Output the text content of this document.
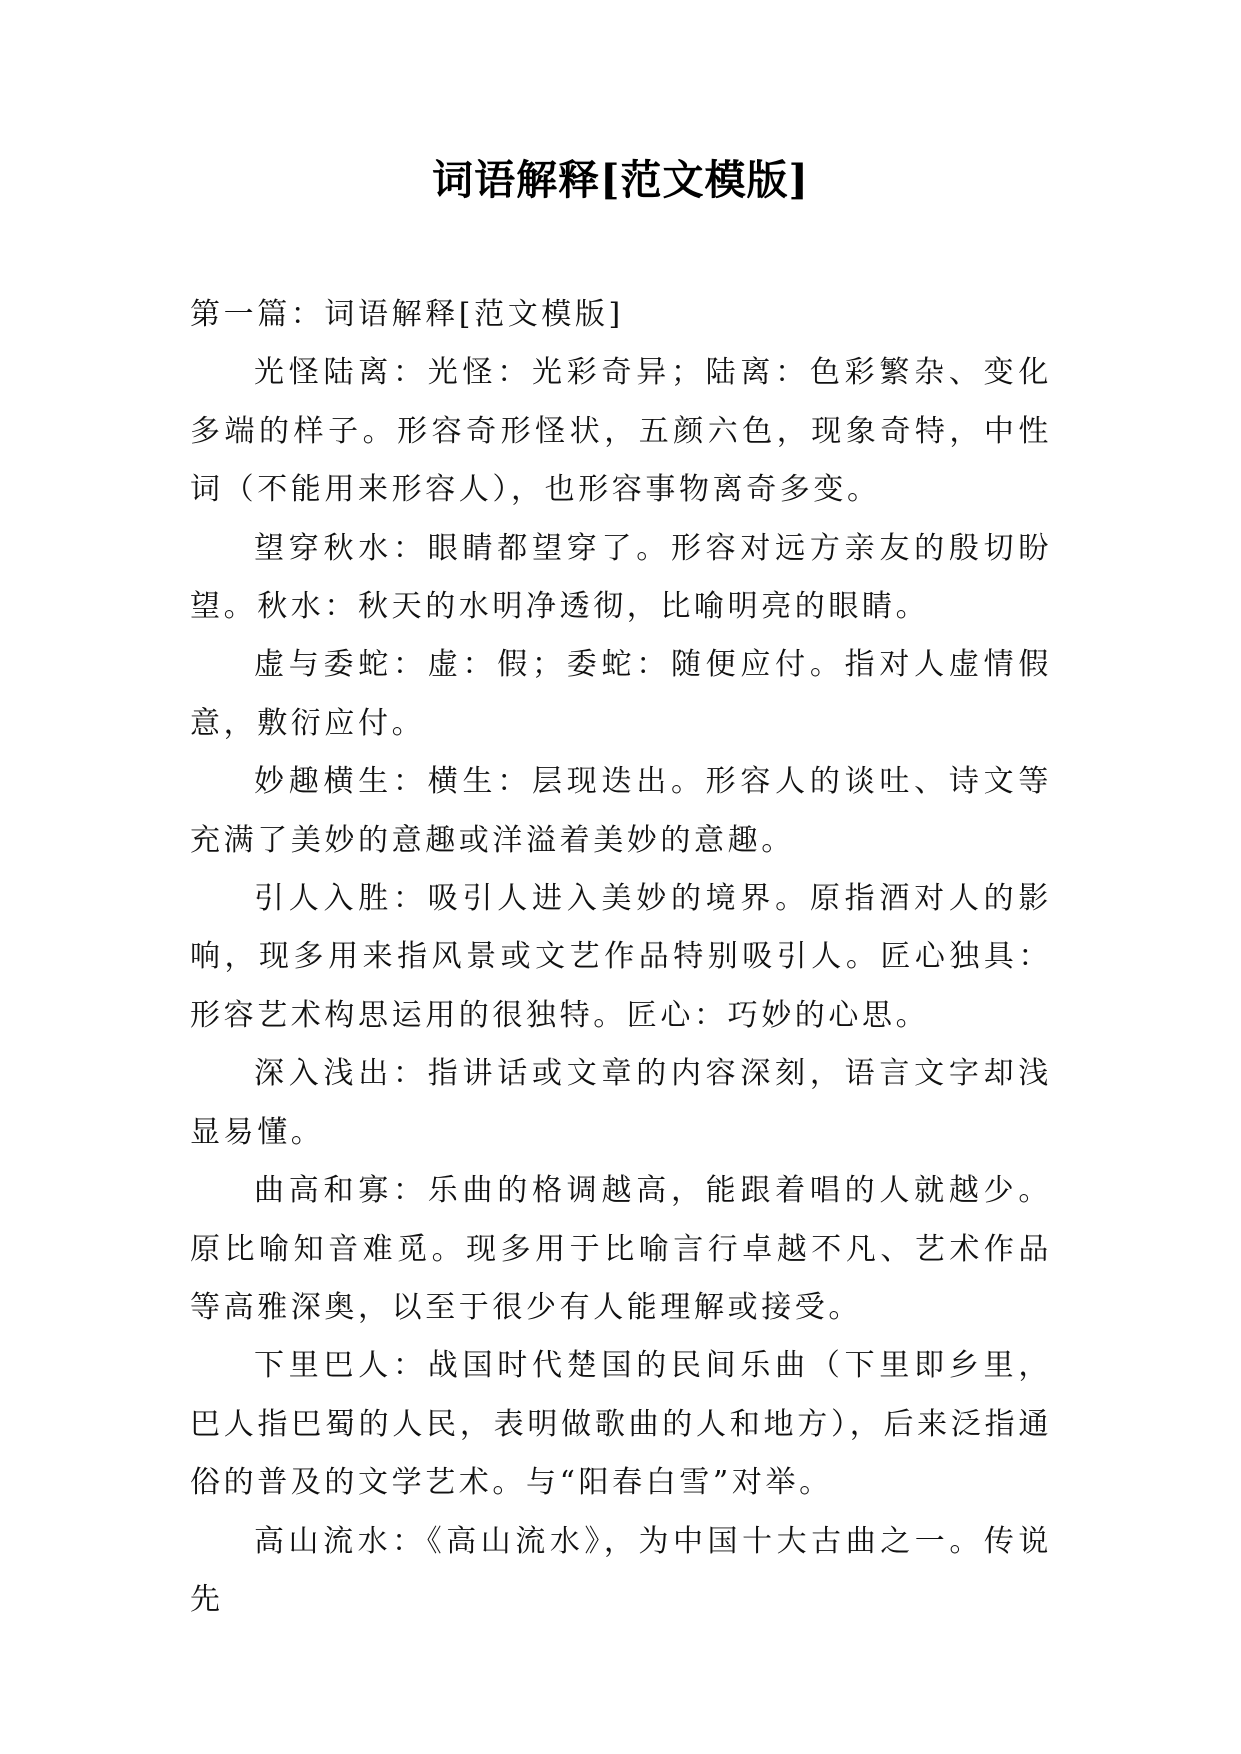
词语解释[范文模版]

第一篇：词语解释[范文模版]

光怪陆离：光怪：光彩奇异；陆离：色彩繁杂、变化多端的样子。形容奇形怪状，五颜六色，现象奇特，中性词（不能用来形容人），也形容事物离奇多变。

望穿秋水：眼睛都望穿了。形容对远方亲友的殷切盼望。秋水：秋天的水明净透彻，比喻明亮的眼睛。

虚与委蛇：虚：假；委蛇：随便应付。指对人虚情假意，敷衍应付。

妙趣横生：横生：层现迭出。形容人的谈吐、诗文等充满了美妙的意趣或洋溢着美妙的意趣。

引人入胜：吸引人进入美妙的境界。原指酒对人的影响，现多用来指风景或文艺作品特别吸引人。匠心独具：形容艺术构思运用的很独特。匠心：巧妙的心思。

深入浅出：指讲话或文章的内容深刻，语言文字却浅显易懂。

曲高和寡：乐曲的格调越高，能跟着唱的人就越少。原比喻知音难觅。现多用于比喻言行卓越不凡、艺术作品等高雅深奥，以至于很少有人能理解或接受。

下里巴人：战国时代楚国的民间乐曲（下里即乡里，巴人指巴蜀的人民，表明做歌曲的人和地方），后来泛指通俗的普及的文学艺术。与“阳春白雪”对举。

高山流水：《高山流水》，为中国十大古曲之一。传说先
